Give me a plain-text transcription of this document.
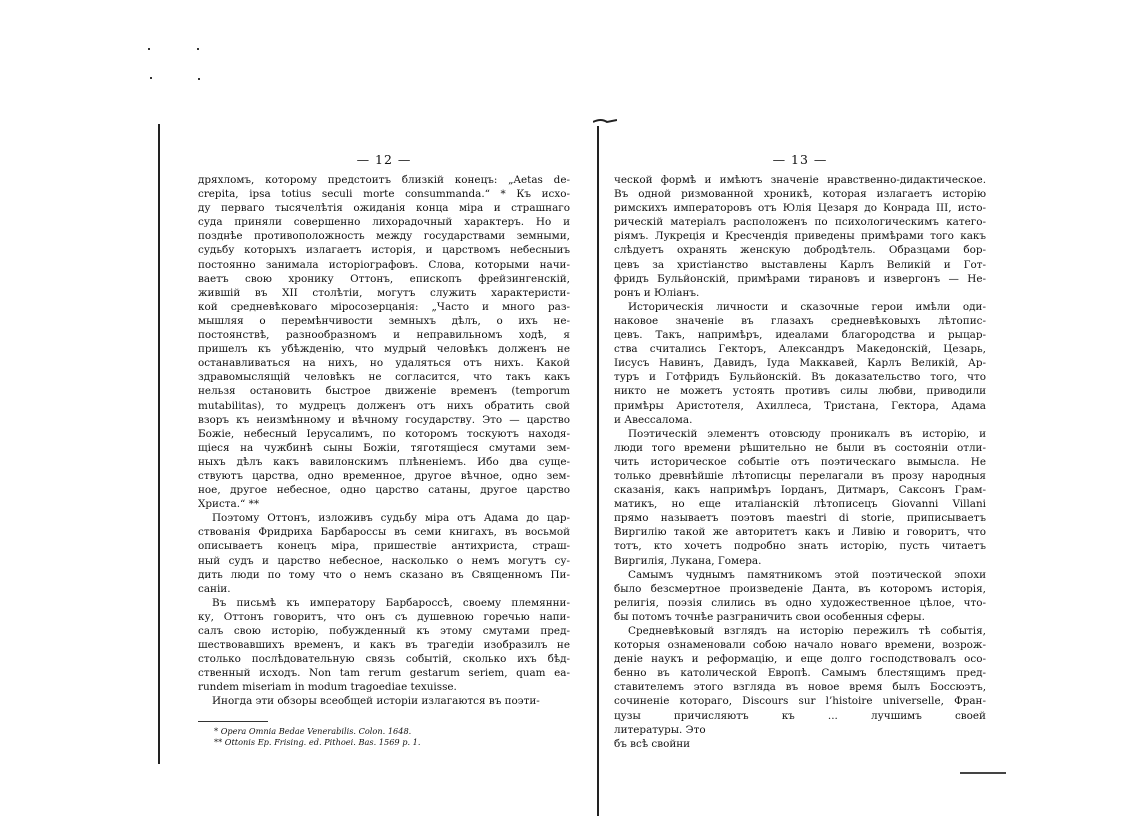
— 12 —
дряхломъ, которому предстоитъ близкій конецъ: „Aetas de-
crepita, ipsa totius seculi morte consummanda.“ * Къ исхо-
ду перваго тысячелѣтія ожиданія конца міра и страшнаго
суда приняли совершенно лихорадочный характеръ. Но и
позднѣе противоположность между государствами земными,
судьбу которыхъ излагаетъ исторія, и царствомъ небесныиъ
постоянно занимала исторіографовъ. Слова, которыми начи-
ваетъ свою хронику Оттонъ, епископъ фрейзингенскій,
жившій въ XII столѣтіи, могутъ служить характеристи-
кой средневѣковаго міросозерцанія: „Часто и много раз-
мышляя о перемѣнчивости земныхъ дѣлъ, о ихъ не-
постоянствѣ, разнообразномъ и неправильномъ ходѣ, я
пришелъ къ убѣжденію, что мудрый человѣкъ долженъ не
останавливаться на нихъ, но удаляться отъ нихъ. Какой
здравомыслящій человѣкъ не согласится, что такъ какъ
нельзя остановить быстрое движеніе временъ (temporum
mutabilitas), то мудрецъ долженъ отъ нихъ обратить свой
взоръ къ неизмѣнному и вѣчному государству. Это — царство
Божіе, небесный Іерусалимъ, по которомъ тоскуютъ находя-
щіеся на чужбинѣ сыны Божіи, тяготящіеся смутами зем-
ныхъ дѣлъ какъ вавилонскимъ плѣненіемъ. Ибо два суще-
ствуютъ царства, одно временное, другое вѣчное, одно зем-
ное, другое небесное, одно царство сатаны, другое царство
Христа.“ **
Поэтому Оттонъ, изложивъ судьбу міра отъ Адама до цар-
ствованія Фридриха Барбароссы въ семи книгахъ, въ восьмой
описываетъ конецъ міра, пришествіе антихриста, страш-
ный судъ и царство небесное, насколько о немъ могутъ су-
дить люди по тому что о немъ сказано въ Священномъ Пи-
саніи.
Въ письмѣ къ императору Барбароссѣ, своему племянни-
ку, Оттонъ говоритъ, что онъ съ душевною горечью напи-
салъ свою исторію, побужденный къ этому смутами пред-
шествовавшихъ временъ, и какъ въ трагедіи изобразилъ не
столько послѣдовательную связь событій, сколько ихъ бѣд-
ственный исходъ. Non tam rerum gestarum seriem, quam ea-
rundem miseriam in modum tragoediae texuisse.
Иногда эти обзоры всеобщей исторіи излагаются въ поэти-
* Opera Omnia Bedae Venerabilis. Colon. 1648.
** Ottonis Ep. Frising. ed. Pithoei. Bas. 1569 p. 1.
— 13 —
ческой формѣ и имѣютъ значеніе нравственно-дидактическое.
Въ одной ризмованной хроникѣ, которая излагаетъ исторію
римскихъ императоровъ отъ Юлія Цезаря до Конрада III, исто-
рическій матеріалъ расположенъ по психологическимъ катего-
ріямъ. Лукреція и Кресчендія приведены примѣрами того какъ
слѣдуетъ охранять женскую добродѣтель. Образцами бор-
цевъ за христіанство выставлены Карлъ Великій и Гот-
фридъ Бульйонскій, примѣрами тирановъ и извергонъ — Не-
ронъ и Юліанъ.
Историческія личности и сказочные герои имѣли оди-
наковое значеніе въ глазахъ средневѣковыхъ лѣтопис-
цевъ. Такъ, напримѣръ, идеалами благородства и рыцар-
ства считались Гекторъ, Александръ Македонскій, Цезарь,
Іисусъ Навинъ, Давидъ, Іуда Маккавей, Карлъ Великій, Ар-
туръ и Готфридъ Бульйонскій. Въ доказательство того, что
никто не можетъ устоять противъ силы любви, приводили
примѣры Аристотеля, Ахиллеса, Тристана, Гектора, Адама
и Авессалома.
Поэтическій элементъ отовсюду проникалъ въ исторію, и
люди того времени рѣшительно не были въ состояніи отли-
чить историческое событіе отъ поэтическаго вымысла. Не
только древнѣйшіе лѣтописцы перелагали въ прозу народныя
сказанія, какъ напримѣръ Іорданъ, Дитмаръ, Саксонъ Грам-
матикъ, но еще италіанскій лѣтописецъ Giovanni Villani
прямо называетъ поэтовъ maestri di storie, приписываетъ
Виргилію такой же авторитетъ какъ и Ливію и говоритъ, что
тотъ, кто хочетъ подробно знать исторію, пусть читаетъ
Виргилія, Лукана, Гомера.
Самымъ чуднымъ памятникомъ этой поэтической эпохи
было безсмертное произведеніе Данта, въ которомъ исторія,
религія, поэзія слились въ одно художественное цѣлое, что-
бы потомъ точнѣе разграничить свои особенныя сферы.
Средневѣковый взглядъ на исторію пережилъ тѣ событія,
которыя ознаменовали собою начало новаго времени, возрож-
деніе наукъ и реформацію, и еще долго господствовалъ осо-
бенно въ католической Европѣ. Самымъ блестящимъ пред-
ставителемъ этого взгляда въ новое время былъ Боссюэтъ,
сочиненіе котораго, Discours sur l’histoire universelle, Фран-
цузы причисляютъ къ ... лучшимъ своей
литературы. Это
бъ всѣ свойни
